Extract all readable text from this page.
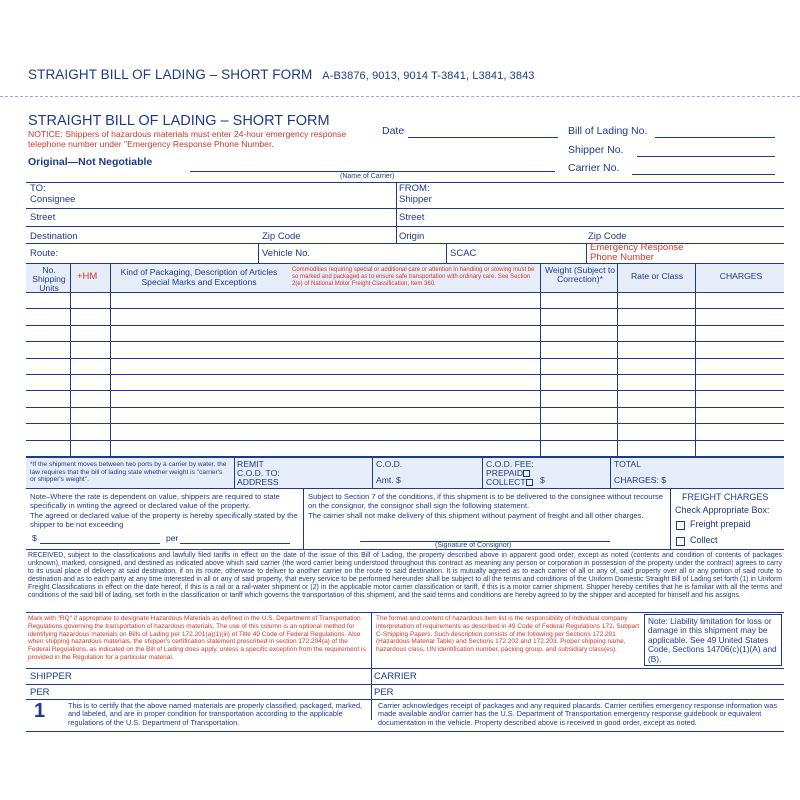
STRAIGHT BILL OF LADING – SHORT FORM A-B3876, 9013, 9014 T-3841, L3841, 3843
STRAIGHT BILL OF LADING – SHORT FORM
NOTICE: Shippers of hazardous materials must enter 24-hour emergency response telephone number under "Emergency Response Phone Number.
Original—Not Negotiable
Date	Bill of Lading No.
Shipper No.
Carrier No.
(Name of Carrier)
TO:
Consignee
FROM:
Shipper
Street	Street
Destination	Zip Code	Origin	Zip Code
Route:	Vehicle No.	SCAC
Emergency Response
Phone Number
No. Shipping Units
+HM	Kind of Packaging, Description of Articles Special Marks and Exceptions
Commodities requiring special or additional care or attention in handling or stowing must be so marked and packaged as to ensure safe transportation with ordinary care. See Section 2(e) of National Motor Freight Classification, Item 360.
Weight (Subject to Correction)*	Rate or Class	CHARGES
*If the shipment moves between two ports by a carrier by water, the law requires that the bill of lading state whether weight is "carrier's or shipper's weight".
REMIT
C.O.D. TO:
ADDRESS
C.O.D.
Amt. $
C.O.D. FEE:
PREPAID
COLLECT	$
TOTAL
CHARGES: $
Note–Where the rate is dependent on value, shippers are required to state specifically in writing the agreed or declared value of the property.
The agreed or declared value of the property is hereby specifically stated by the shipper to be not exceeding
$	per
Subject to Section 7 of the conditions, if this shipment is to be delivered to the consignee without recourse on the consignor, the consignor shall sign the following statement.
The carrier shall not make delivery of this shipment without payment of freight and all other charges.
(Signature of Consignor)
FREIGHT CHARGES
Check Appropriate Box:
Freight prepaid
Collect
RECEIVED, subject to the classifications and lawfully filed tariffs in effect on the date of the issue of this Bill of Lading, the property described above in apparent good order, except as noted (contents and condition of contents of packages unknown), marked, consigned, and destined as indicated above which said carrier (the word carrier being understood throughout this contract as meaning any person or corporation in possession of the property under the contract) agrees to carry to its usual place of delivery at said destination, if on its route, otherwise to deliver to another carrier on the route to said destination. It is mutually agreed as to each carrier of all or any of, said property over all or any portion of said route to destination and as to each party at any time interested in all or any of said property, that every service to be performed hereunder shall be subject to all the terms and conditions of the Uniform Domestic Straight Bill of Lading set forth (1) in Uniform Freight Classifications in effect on the date hereof, if this is a rail or a rail-water shipment or (2) in the applicable motor carrier classification or tariff, if this is a motor carrier shipment. Shipper hereby certifies that he is familiar with all the terms and conditions of the said bill of lading, set forth in the classification or tariff which governs the transportation of this shipment, and the said terms and conditions are hereby agreed to by the shipper and accepted for himself and his assigns.
Mark with "RQ" if appropriate to designate Hazardous Materials as defined in the U.S. Department of Transportation Regulations governing the transportation of hazardous materials. The use of this column is an optional method for identifying hazardous materials on Bills of Lading per 172.201(a)(1)(iii) of Title 49 Code of Federal Regulations. Also when shipping hazardous materials, the shipper's certification statement prescribed in section 172.204(a) of the Federal Regulations, as indicated on the Bill of Lading does apply, unless a specific exception from the requirement is provided in the Regulation for a particular material.
The format and content of hazardous item list is the responsibility of individual company interpretation of requirements as described in 49 Code of Federal Regulations 172, Subpart C-Shipping Papers. Such description consists of the following per Sections 172.201 (Hazardous Material Table) and Sections 172.202 and 172.203. Proper shipping name, hazardous class, UN identification number, packing group, and subsidiary class(es).
Note: Liability limitation for loss or damage in this shipment may be applicable. See 49 United States Code, Sections 14706(c)(1)(A) and (B).
SHIPPER
PER
CARRIER
PER
1	This is to certify that the above named materials are properly classified, packaged, marked, and labeled, and are in proper condition for transportation according to the applicable regulations of the U.S. Department of Transportation.
Carrier acknowledges receipt of packages and any required placards. Carrier certifies emergency response information was made available and/or carrier has the U.S. Department of Transportation emergency response guidebook or equivalent documentation in the vehicle. Property described above is received in good order, except as noted.
